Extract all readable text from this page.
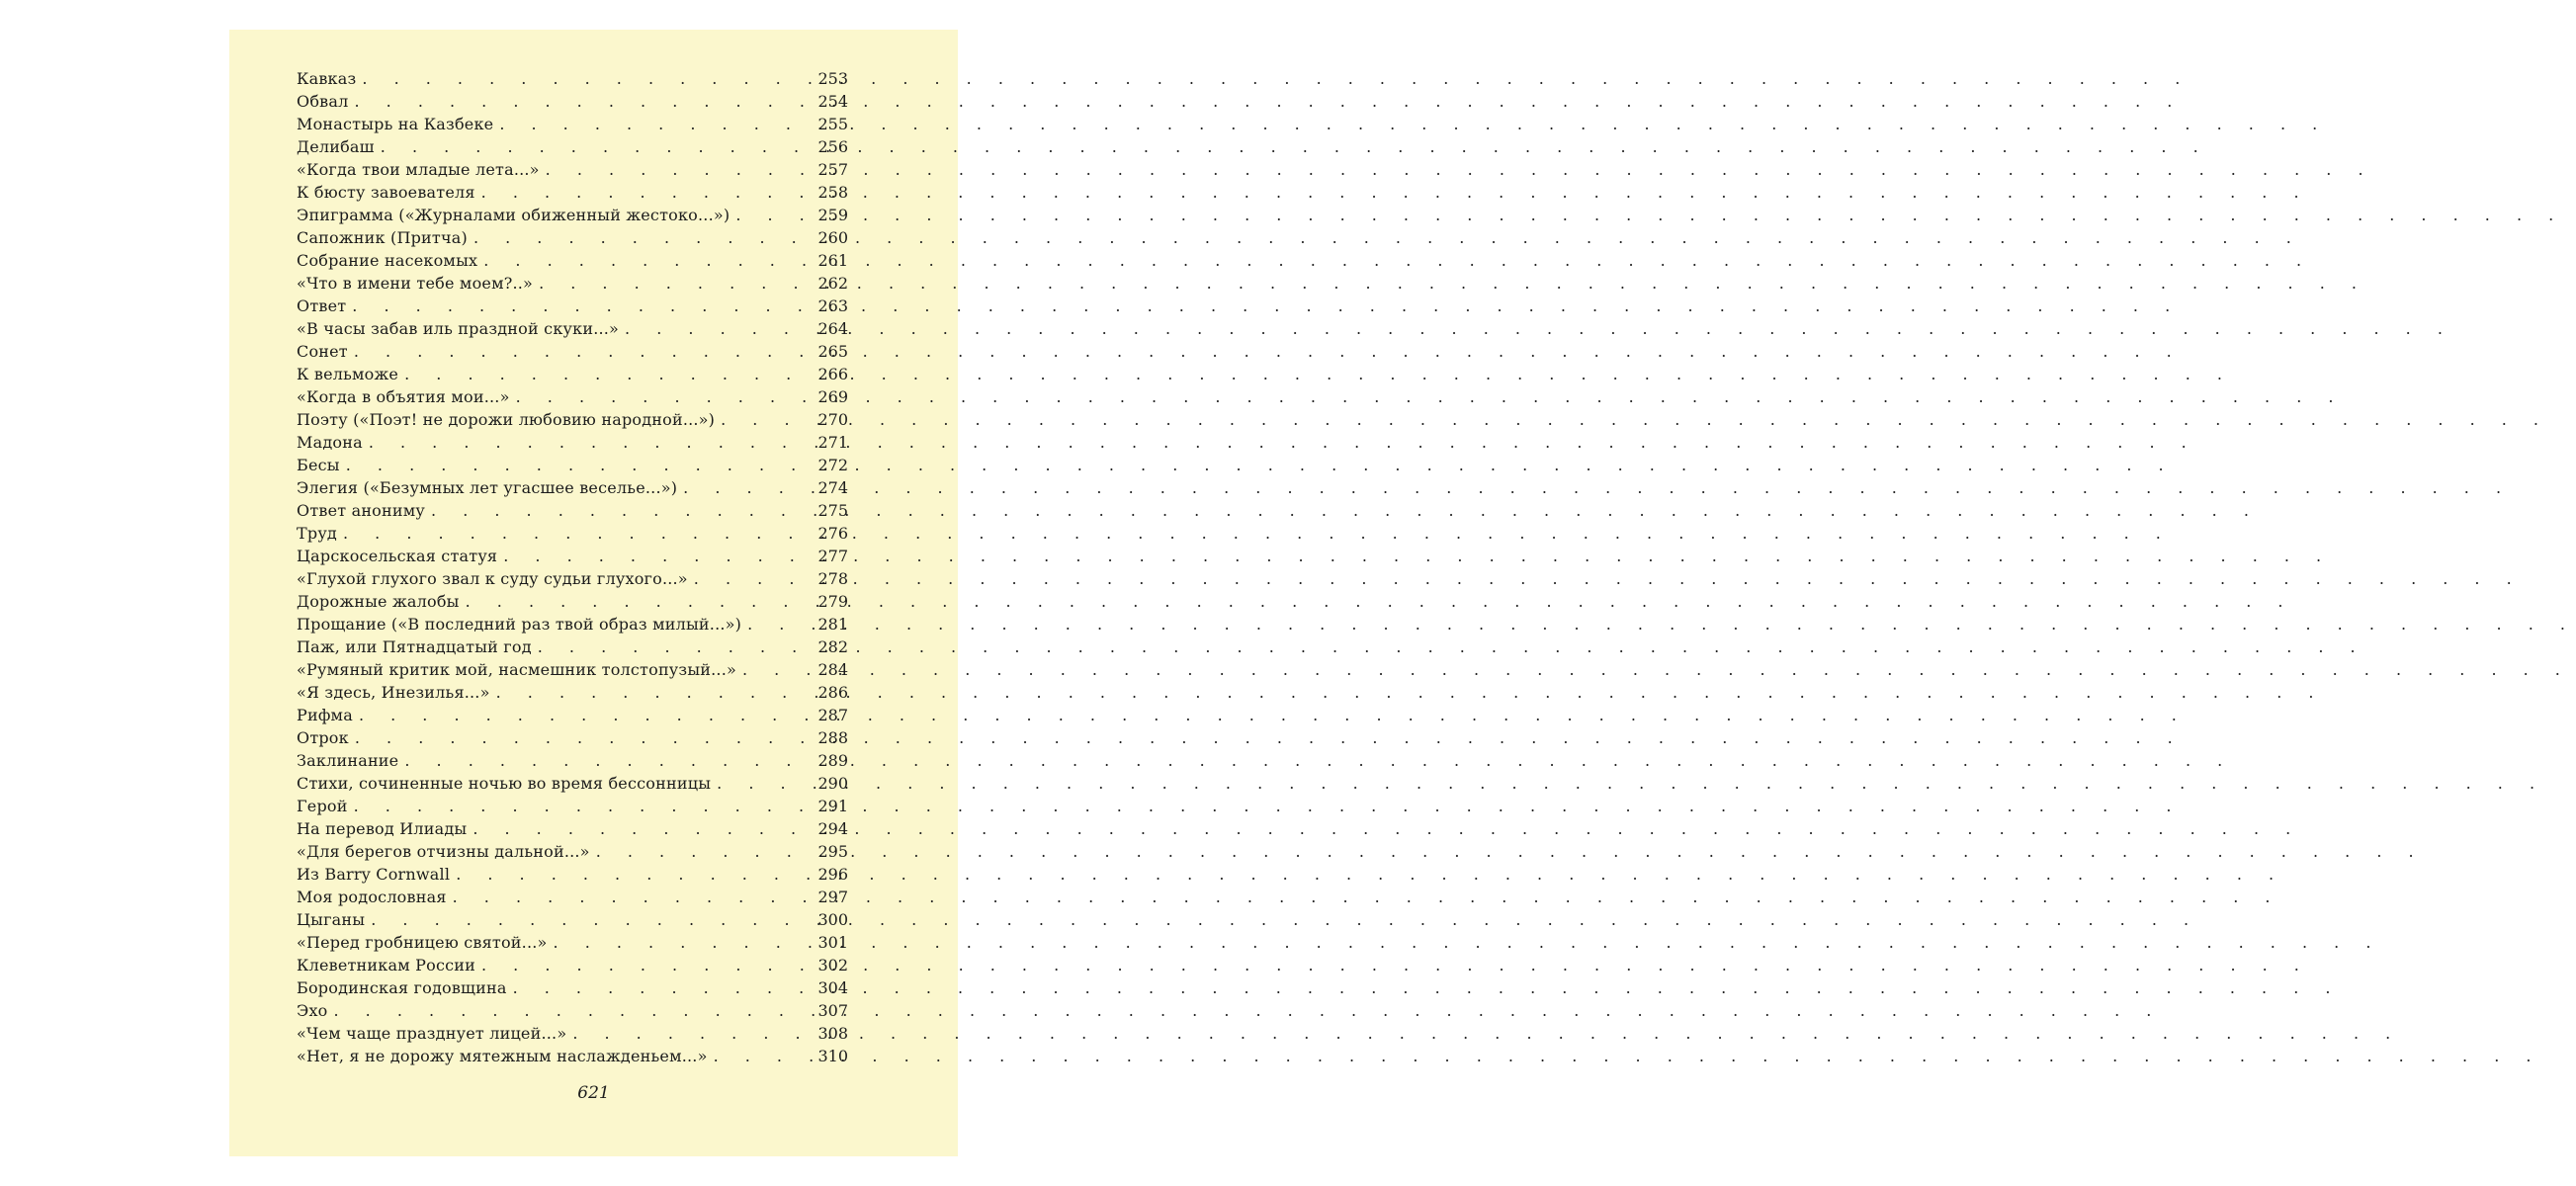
Кавказ . . .	253
Обвал . . .	254
Монастырь на Казбеке . . .	255
Делибаш . . .	256
«Когда твои младые лета...» . . .	257
К бюсту завоевателя . . .	258
Эпиграмма («Журналами обиженный жестоко...») . . .	259
Сапожник (Притча) . . .	260
Собрание насекомых . . .	261
«Что в имени тебе моем?..» . . .	262
Ответ . . .	263
«В часы забав иль праздной скуки...» . . .	264
Сонет . . .	265
К вельможе . . .	266
«Когда в объятия мои...» . . .	269
Поэту («Поэт! не дорожи любовию народной...») . . .	270
Мадона . . .	271
Бесы . . .	272
Элегия («Безумных лет угасшее веселье...») . . .	274
Ответ анониму . . .	275
Труд . . .	276
Царскосельская статуя . . .	277
«Глухой глухого звал к суду судьи глухого...» . . .	278
Дорожные жалобы . . .	279
Прощание («В последний раз твой образ милый...») . . .	281
Паж, или Пятнадцатый год . . .	282
«Румяный критик мой, насмешник толстопузый...» . . .	284
«Я здесь, Инезилья...» . . .	286
Рифма . . .	287
Отрок . . .	288
Заклинание . . .	289
Стихи, сочиненные ночью во время бессонницы . . .	290
Герой . . .	291
На перевод Илиады . . .	294
«Для берегов отчизны дальной...» . . .	295
Из Barry Cornwall . . .	296
Моя родословная . . .	297
Цыганы . . .	300
«Перед гробницею святой...» . . .	301
Клеветникам России . . .	302
Бородинская годовщина . . .	304
Эхо . . .	307
«Чем чаще празднует лицей...» . . .	308
«Нет, я не дорожу мятежным наслажденьем...» . . .	310
621
